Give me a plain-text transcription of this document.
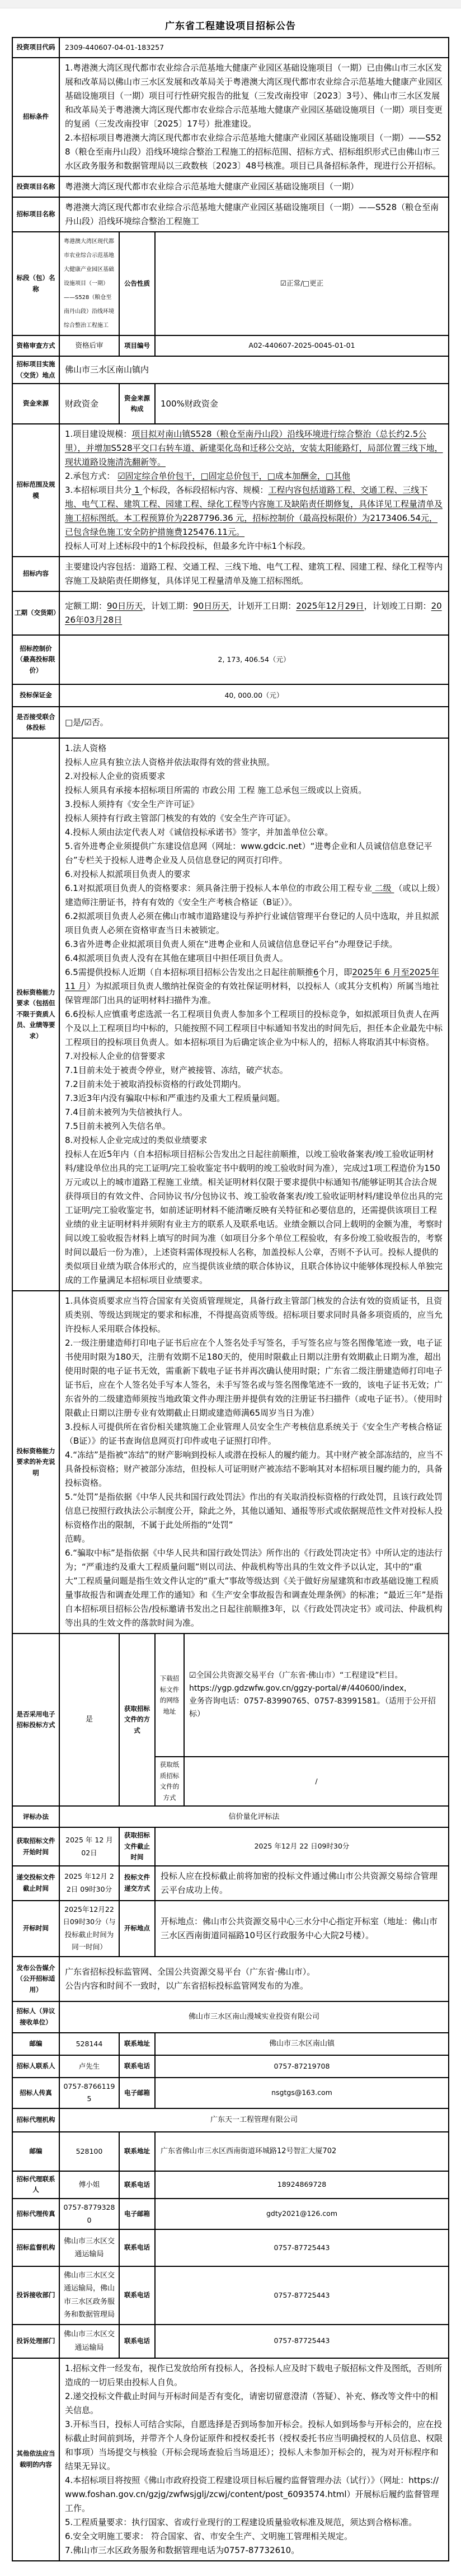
广东省工程建设项目招标公告
投资项目代码	2309-440607-04-01-183257			
招标条件	1.粤港澳大湾区现代都市农业综合示范基地大健康产业园区基础设施项目（一期）已由佛山市三水区发展和改革局以佛山市三水区发展和改革局关于粤港澳大湾区现代都市农业综合示范基地大健康产业园区基础设施项目（一期）项目可行性研究报告的批复（三发改南投审〔2023〕3号）、佛山市三水区发展和改革局关于粤港澳大湾区现代都市农业综合示范基地大健康产业园区基础设施项目（一期）项目变更的复函（三发改南投审〔2025〕17号）批准建设。
2.本招标项目粤港澳大湾区现代都市农业综合示范基地大健康产业园区基础设施项目（一期）——S528（粮仓至南丹山段）沿线环境综合整治工程施工的招标范围、招标方式、招标组织形式已由佛山市三水区政务服务和数据管理局以三政数核〔2023〕48号核准。项目已具备招标条件，现进行公开招标。			

投资项目名称	粤港澳大湾区现代都市农业综合示范基地大健康产业园区基础设施项目（一期）			
招标项目名称	粤港澳大湾区现代都市农业综合示范基地大健康产业园区基础设施项目（一期）——S528（粮仓至南丹山段）沿线环境综合整治工程施工			
标段（包）名称	粤港澳大湾区现代都市农业综合示范基地大健康产业园区基础设施项目（一期）——S528（粮仓至南丹山段）沿线环境综合整治工程施工	公告性质	☑正常/□更正	
资格审查方式	资格后审	项目编号	A02-440607-2025-0045-01-01	
招标项目实施（交货）地点	佛山市三水区南山镇内			
资金来源	财政资金	资金来源构成	100%财政资金	
招标范围及规模	1.项目建设规模：项目拟对南山镇S528（粮仓至南丹山段）沿线环境进行综合整治（总长约2.5公里），并增加S528平交口右转车道、新建渠化岛和迁移公交站，安装太阳能路灯，局部位置三线下地，现状道路设施清洗翻新等。
2.承包方式： ☑固定综合单价包干，□固定总价包干，□成本加酬金，□其他
3.本招标项目共分 1 个标段，各标段招标内容、规模：工程内容包括道路工程、交通工程、三线下地、电气工程、建筑工程、园建工程、绿化工程等内容施工及缺陷责任期修复，具体详见工程量清单及施工招标图纸。本工程预算价为2287796.36 元，招标控制价（最高投标限价）为2173406.54元，已包含绿色施工安全防护措施费125476.11元。
投标人可对上述标段中的1个标段投标，但最多允许中标1个标段。			

招标内容	主要建设内容包括：道路工程、交通工程、三线下地、电气工程、建筑工程、园建工程、绿化工程等内容施工及缺陷责任期修复，具体详见工程量清单及施工招标图纸。			

工期（交货期）	定额工期：90日历天，计划工期：90日历天，计划开工日期：2025年12月29日，计划竣工日期：2026年03月28日			

招标控制价（最高投标限价）	2, 173, 406.54（元）			
投标保证金	40, 000.00（元）			
是否接受联合体投标	□是/☑否。			
投标资格能力要求（包括但不限于资质人员、业绩等要求）	
1.法人资格
投标人应具有独立法人资格并依法取得有效的营业执照。
2.对投标人企业的资质要求
投标人须具有承接本招标项目所需的 市政公用 工程 施工总承包三级或以上资质。
3.投标人须持有《安全生产许可证》
投标人须持有行政主管部门核发的有效的《安全生产许可证》。
4.投标人须由法定代表人对《诚信投标承诺书》签字，并加盖单位公章。
5.省外进粤企业须提供广东建设信息网（网址：www.gdcic.net）“进粤企业和人员诚信信息登记平台”专栏关于投标人进粤企业及人员信息登记的网页打印件。
6.对投标人拟派项目负责人的要求
6.1对拟派项目负责人的资格要求：须具备注册于投标人本单位的市政公用工程专业 二级 （或以上级）建造师注册证书，持有有效的《安全生产考核合格证（B证）》。
6.2拟派项目负责人必须在佛山市城市道路建设与养护行业诚信管理平台登记的人员中选取，并且拟派项目负责人必须在资格审查当日未被锁定。
6.3省外进粤企业拟派项目负责人须在“进粤企业和人员诚信信息登记平台”办理登记手续。
6.4拟派项目负责人没有在其他在建项目中担任项目负责人。
6.5需提供投标人近期（自本招标项目招标公告发出之日起往前顺推6个月，即2025年 6 月至2025年 11 月）为拟派项目负责人缴纳社保资金的有效社保证明材料，以投标人（或其分支机构）所属当地社保管理部门出具的证明材料扫描件为准。
6.6投标人应慎重考虑选派一名工程项目负责人参加多个工程项目的投标竞争，如拟派项目负责人在两个及以上工程项目均中标的，只能按照不同工程项目中标通知书发出的时间先后，担任本企业最先中标工程项目的投标项目负责人。如本招标项目为后确定该企业为中标人的，招标人将取消其中标资格。
7.对投标人企业的信誉要求
7.1目前未处于被责令停业，财产被接管、冻结，破产状态。
7.2目前未处于被取消投标资格的行政处罚期内。
7.3近3年内没有骗取中标和严重违约及重大工程质量问题。
7.4目前未被列为失信被执行人。
7.5目前未被列入失信名单。
8.对投标人企业完成过的类似业绩要求
投标人在近5年内（自本招标项目招标公告发出之日起往前顺推，以竣工验收备案表/竣工验收证明材料/建设单位出具的完工证明/完工验收鉴定书中载明的竣工验收时间为准），完成过1项工程造价为150万元或以上的城市道路工程施工业绩。相关证明材料仅限于要求提供中标通知书/能够证明其合法合规获得项目的有效文件、合同协议书/分包协议书、竣工验收备案表/竣工验收证明材料/建设单位出具的完工证明/完工验收鉴定书，如前述证明材料不能清晰反映有关特征和必要信息的，还需提供该项目工程业绩的业主证明材料并须附有业主方的联系人及联系电话。业绩金额以合同上载明的金额为准，考察时间以竣工验收报告材料上填写的时间为准（如项目分多个单位工程验收，有多份竣工验收报告的，考察时间以最后一份为准），上述资料需体现投标人名称，加盖投标人公章，否则不予认可。投标人提供的类似项目业绩为联合体形式的，应当提供该业绩的联合体协议，且联合体协议中能够体现投标人单独完成的工作量满足本招标项目业绩要求。

投标资格能力要求的补充说明	
1.具体资质要求应当符合国家有关资质管理规定，具备行政主管部门核发的合法有效的资质证书，且资质类别、等级达到规定的要求和标准，不得提高资质等级。招标项目要求同时具备多项资质的，应当允许投标人采用联合体投标。
2.一级注册建造师打印电子证书后应在个人签名处手写签名，手写签名应与签名图像笔迹一致，电子证书使用时限为180天，注册有效期不足180天的，使用时限截止日期以注册有效期截止日期为准，超出使用时限的电子证书无效，需重新下载电子证书并再次确认使用时限；广东省二级注册建造师打印电子证书后，应在个人签名处手写本人签名，未手写签名或与签名图像笔迹不一致的，该电子证书无效；广东省外的二级建造师须按当地政策文件办理注册并提供有效的注册证书扫描件（或电子证书）。（使用时限截止日期以注册专业有效期截止日期或建造师满65周岁当日为准）
3.投标人可提供所在省份相关建筑施工企业管理人员安全生产考核信息系统关于《安全生产考核合格证（B证）》的证书查询信息网页打印件或电子证照打印件。
4.“冻结”是指被“冻结”的财产影响到投标人或潜在投标人的履约能力。其中财产被全部冻结的，应当不具备投标资格；财产被部分冻结，但投标人可证明财产被冻结不影响其对本招标项目履约能力的，具备投标资格。
5.“处罚”是指依据《中华人民共和国行政处罚法》作出的有关取消投标资格的行政处罚，且该行政处罚信息已按照行政执法公示制度公开，除此之外，其他以通知、通报等形式或依据规范性文件对投标人投标资格作出的限制，不属于此处所指的“处罚”
范畴。
6.“骗取中标”是指依据《中华人民共和国行政处罚法》所作出的《行政处罚决定书》中所认定的违法行为；“严重违约及重大工程质量问题”则以司法、仲裁机构等出具的生效文件予以认定，其中的“重大”工程质量问题是指生效文件认定的“重大”事故等级达到《关于做好房屋建筑和市政基础设施工程质量事故报告和调查处理工作的通知》和《生产安全事故报告和调查处理条例》的标准；“最近三年”是指自本招标项目招标公告/投标邀请书发出之日起往前顺推3年，以《行政处罚决定书》或司法、仲裁机构等出具的生效文件的落款时间为准。

是否采用电子招标投标方式	是	获取招标文件的方式	下载招标文件的网络地址	☑全国公共资源交易平台（广东省·佛山市）“工程建设”栏目。
https://ygp.gdzwfw.gov.cn/ggzy-portal/#/440600/index，
业务咨询电话：0757-83990765、0757-83991581。（适用于公开招标）

			获取纸质招标文件的方式	/
评标办法	信价量化评标法			
获取招标文件开始时间	2025 年 12 月 02日	获取招标文件截止时间	2025 年12月 22 日09时30分	
递交投标文件截止时间	2025 年12月 22日 09时30分	投标文件递交方式	投标人应在投标截止前将加密的投标文件通过佛山市公共资源交易综合管理云平台成功上传。	
开标时间	2025年12月22日09时30分（与投标截止时间为同一时间）	开标地点	开标地点：佛山市公共资源交易中心三水分中心指定开标室（地址：佛山市三水区西南街道同福路10号区行政服务中心大院2号楼）。	
发布公告媒介（公开招标适用）	广东省招标投标监管网、全国公共资源交易平台（广东省·佛山市）。
公告内容和时间不一致时，以广东省招标投标监管网发布的为准。			

招标人（异议接收单位）	佛山市三水区南山漫城实业投资有限公司			
邮编	528144	联系地址	佛山市三水区南山镇	
招标人联系人	卢先生	联系电话	0757-87219708	
招标人传真	0757-87661195	电子邮箱	nsgtgs@163.com	
招标代理机构	广东天一工程管理有限公司			
邮编	528100	联系地址	广东省佛山市三水区西南街道环城路12号智汇大厦702	
招标代理联系人	傅小姐	联系电话	18924869728	
招标代理传真	0757-87793280	电子邮箱	gdty2021@126.com	
招标监督机构	佛山市三水区交通运输局	联系电话	0757-87725443	
投诉接收部门	佛山市三水区交通运输局，佛山市三水区政务服务和数据管理局	联系电话	0757-87725443	
投诉处理部门	佛山市三水区交通运输局	联系电话	0757-87725443	
其他依法应当载明的内容	
1.招标文件一经发布，视作已发放给所有投标人，各投标人应及时下载电子版招标文件及图纸，否则所造成的一切后果由投标人自负。
2.递交投标文件截止时间与开标时间是否有变化，请密切留意澄清（答疑）、补充、修改等文件中的相关信息。
3.开标当日，投标人可结合实际，自愿选择是否到场参加开标会。投标人如到场参与开标会的，应在投标截止时间前到场，并带齐个人身份证原件和授权委托书（授权委托书应当明确授权的人员信息、权限和事项）当场提交与核验（开标会现场查验后当场退还）；投标人未参加开标会的，视为对开标程序和结果无异议。
4.本招标项目将按照《佛山市政府投资工程建设项目标后履约监督管理办法（试行）》（网址：https://www.foshan.gov.cn/gzjg/zwfwsjglj/zcwj/content/post_6093574.html）开展标后履约监督管理工作。
5.工程质量要求：执行国家、省或行业现行的工程建设质量验收标准及规范，须达到合格标准。
6.安全文明施工要求： 符合国家、省、市安全生产、文明施工管理相关规定。
7.佛山市三水区政务服务和数据管理电话为0757-87732610。
